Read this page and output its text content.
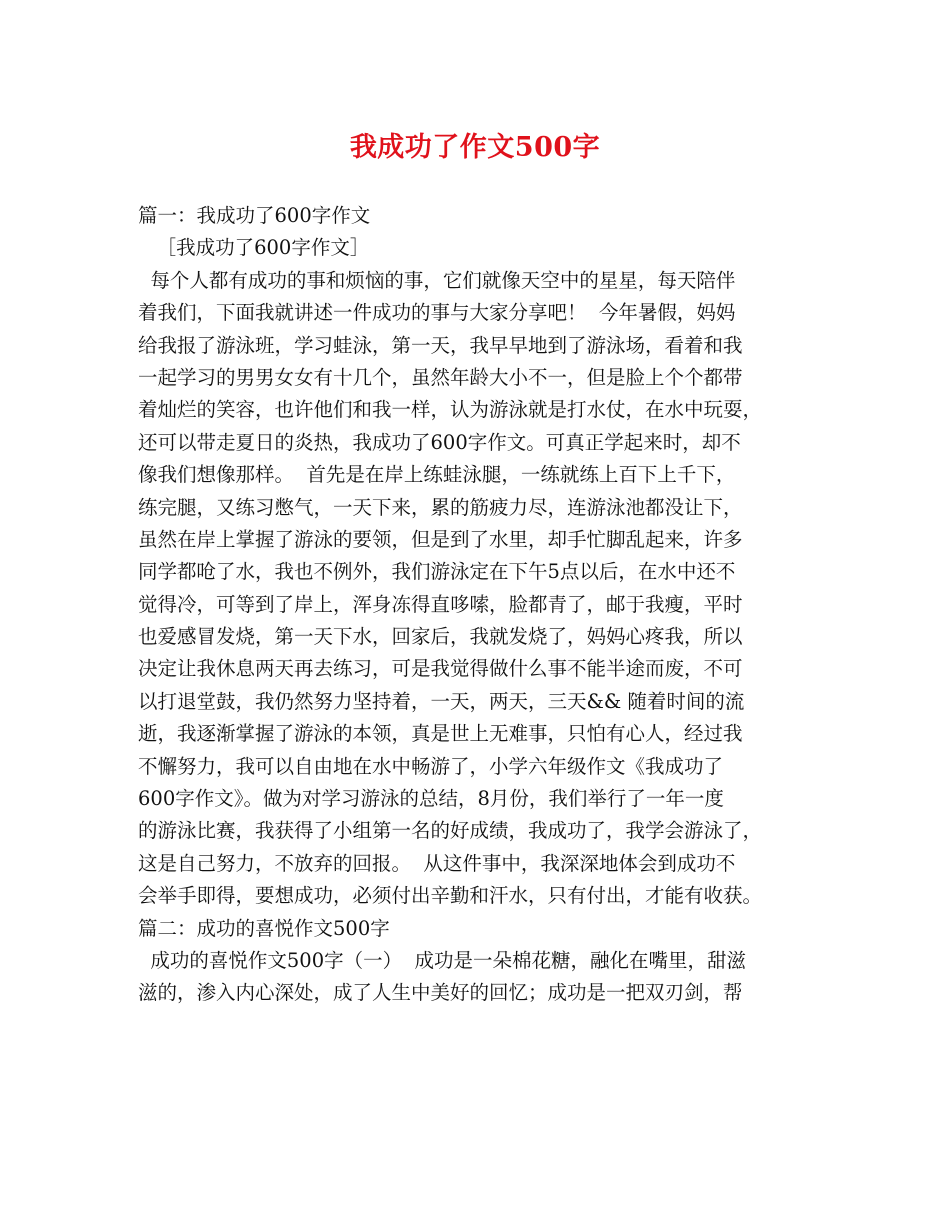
我成功了作文500字
篇一：我成功了600字作文
［我成功了600字作文］
每个人都有成功的事和烦恼的事，它们就像天空中的星星，每天陪伴
着我们，下面我就讲述一件成功的事与大家分享吧！  今年暑假，妈妈
给我报了游泳班，学习蛙泳，第一天，我早早地到了游泳场，看着和我
一起学习的男男女女有十几个，虽然年龄大小不一，但是脸上个个都带
着灿烂的笑容，也许他们和我一样，认为游泳就是打水仗，在水中玩耍，
还可以带走夏日的炎热，我成功了600字作文。可真正学起来时，却不
像我们想像那样。  首先是在岸上练蛙泳腿，一练就练上百下上千下，
练完腿，又练习憋气，一天下来，累的筋疲力尽，连游泳池都没让下，
虽然在岸上掌握了游泳的要领，但是到了水里，却手忙脚乱起来，许多
同学都呛了水，我也不例外，我们游泳定在下午5点以后，在水中还不
觉得冷，可等到了岸上，浑身冻得直哆嗦，脸都青了，邮于我瘦，平时
也爱感冒发烧，第一天下水，回家后，我就发烧了，妈妈心疼我，所以
决定让我休息两天再去练习，可是我觉得做什么事不能半途而废，不可
以打退堂鼓，我仍然努力坚持着，一天，两天，三天&& 随着时间的流
逝，我逐渐掌握了游泳的本领，真是世上无难事，只怕有心人，经过我
不懈努力，我可以自由地在水中畅游了，小学六年级作文《我成功了
600字作文》。做为对学习游泳的总结，8月份，我们举行了一年一度
的游泳比赛，我获得了小组第一名的好成绩，我成功了，我学会游泳了，
这是自己努力，不放弃的回报。  从这件事中，我深深地体会到成功不
会举手即得，要想成功，必须付出辛勤和汗水，只有付出，才能有收获。
篇二：成功的喜悦作文500字
成功的喜悦作文500字（一）  成功是一朵棉花糖，融化在嘴里，甜滋
滋的，渗入内心深处，成了人生中美好的回忆；成功是一把双刃剑，帮
